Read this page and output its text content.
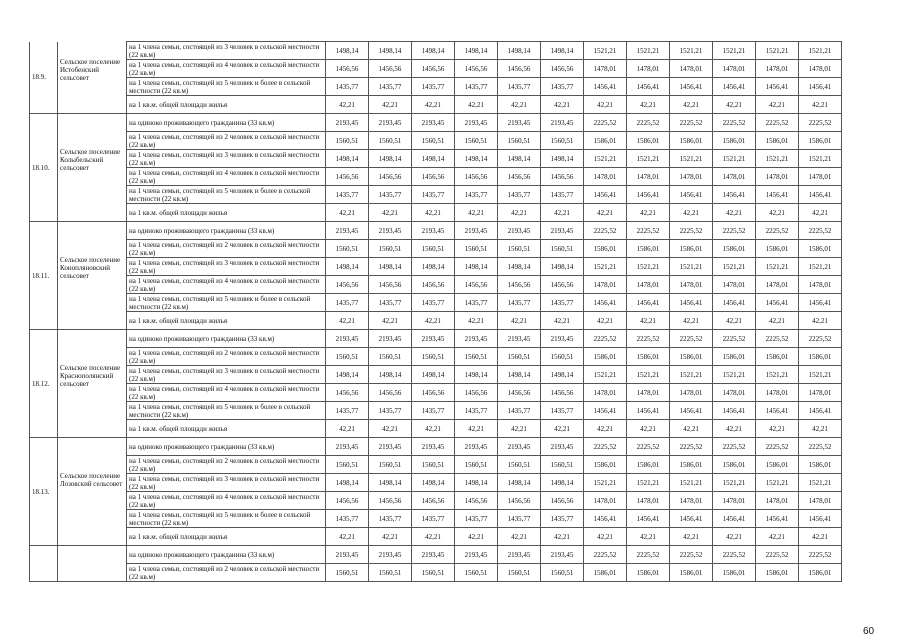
18.9.	Сельское поселение Истобенский сельсовет	на 1 члена семьи, состоящей из 3 человек в сельской местности (22 кв.м)	1498,14	1498,14	1498,14	1498,14	1498,14	1498,14	1521,21	1521,21	1521,21	1521,21	1521,21	1521,21
		на 1 члена семьи, состоящей из 4 человек в сельской местности (22 кв.м)	1456,56	1456,56	1456,56	1456,56	1456,56	1456,56	1478,01	1478,01	1478,01	1478,01	1478,01	1478,01
		на 1 члена семьи, состоящей из 5 человек и более в сельской местности (22 кв.м)	1435,77	1435,77	1435,77	1435,77	1435,77	1435,77	1456,41	1456,41	1456,41	1456,41	1456,41	1456,41
		на 1 кв.м. общей площади жилья	42,21	42,21	42,21	42,21	42,21	42,21	42,21	42,21	42,21	42,21	42,21	42,21
18.10.	Сельское поселение Колыбельский сельсовет	на одиноко проживающего гражданина (33 кв.м)	2193,45	2193,45	2193,45	2193,45	2193,45	2193,45	2225,52	2225,52	2225,52	2225,52	2225,52	2225,52
		на 1 члена семьи, состоящей из 2 человек в сельской местности (22 кв.м)	1560,51	1560,51	1560,51	1560,51	1560,51	1560,51	1586,01	1586,01	1586,01	1586,01	1586,01	1586,01
		на 1 члена семьи, состоящей из 3 человек в сельской местности (22 кв.м)	1498,14	1498,14	1498,14	1498,14	1498,14	1498,14	1521,21	1521,21	1521,21	1521,21	1521,21	1521,21
		на 1 члена семьи, состоящей из 4 человек в сельской местности (22 кв.м)	1456,56	1456,56	1456,56	1456,56	1456,56	1456,56	1478,01	1478,01	1478,01	1478,01	1478,01	1478,01
		на 1 члена семьи, состоящей из 5 человек и более в сельской местности (22 кв.м)	1435,77	1435,77	1435,77	1435,77	1435,77	1435,77	1456,41	1456,41	1456,41	1456,41	1456,41	1456,41
		на 1 кв.м. общей площади жилья	42,21	42,21	42,21	42,21	42,21	42,21	42,21	42,21	42,21	42,21	42,21	42,21
18.11.	Сельское поселение Конопляновский сельсовет	на одиноко проживающего гражданина (33 кв.м)	2193,45	2193,45	2193,45	2193,45	2193,45	2193,45	2225,52	2225,52	2225,52	2225,52	2225,52	2225,52
		на 1 члена семьи, состоящей из 2 человек в сельской местности (22 кв.м)	1560,51	1560,51	1560,51	1560,51	1560,51	1560,51	1586,01	1586,01	1586,01	1586,01	1586,01	1586,01
		на 1 члена семьи, состоящей из 3 человек в сельской местности (22 кв.м)	1498,14	1498,14	1498,14	1498,14	1498,14	1498,14	1521,21	1521,21	1521,21	1521,21	1521,21	1521,21
		на 1 члена семьи, состоящей из 4 человек в сельской местности (22 кв.м)	1456,56	1456,56	1456,56	1456,56	1456,56	1456,56	1478,01	1478,01	1478,01	1478,01	1478,01	1478,01
		на 1 члена семьи, состоящей из 5 человек и более в сельской местности (22 кв.м)	1435,77	1435,77	1435,77	1435,77	1435,77	1435,77	1456,41	1456,41	1456,41	1456,41	1456,41	1456,41
		на 1 кв.м. общей площади жилья	42,21	42,21	42,21	42,21	42,21	42,21	42,21	42,21	42,21	42,21	42,21	42,21
18.12.	Сельское поселение Краснополянский сельсовет	на одиноко проживающего гражданина (33 кв.м)	2193,45	2193,45	2193,45	2193,45	2193,45	2193,45	2225,52	2225,52	2225,52	2225,52	2225,52	2225,52
		на 1 члена семьи, состоящей из 2 человек в сельской местности (22 кв.м)	1560,51	1560,51	1560,51	1560,51	1560,51	1560,51	1586,01	1586,01	1586,01	1586,01	1586,01	1586,01
		на 1 члена семьи, состоящей из 3 человек в сельской местности (22 кв.м)	1498,14	1498,14	1498,14	1498,14	1498,14	1498,14	1521,21	1521,21	1521,21	1521,21	1521,21	1521,21
		на 1 члена семьи, состоящей из 4 человек в сельской местности (22 кв.м)	1456,56	1456,56	1456,56	1456,56	1456,56	1456,56	1478,01	1478,01	1478,01	1478,01	1478,01	1478,01
		на 1 члена семьи, состоящей из 5 человек и более в сельской местности (22 кв.м)	1435,77	1435,77	1435,77	1435,77	1435,77	1435,77	1456,41	1456,41	1456,41	1456,41	1456,41	1456,41
		на 1 кв.м. общей площади жилья	42,21	42,21	42,21	42,21	42,21	42,21	42,21	42,21	42,21	42,21	42,21	42,21
18.13.	Сельское поселение Лозовский сельсовет	на одиноко проживающего гражданина (33 кв.м)	2193,45	2193,45	2193,45	2193,45	2193,45	2193,45	2225,52	2225,52	2225,52	2225,52	2225,52	2225,52
		на 1 члена семьи, состоящей из 2 человек в сельской местности (22 кв.м)	1560,51	1560,51	1560,51	1560,51	1560,51	1560,51	1586,01	1586,01	1586,01	1586,01	1586,01	1586,01
		на 1 члена семьи, состоящей из 3 человек в сельской местности (22 кв.м)	1498,14	1498,14	1498,14	1498,14	1498,14	1498,14	1521,21	1521,21	1521,21	1521,21	1521,21	1521,21
		на 1 члена семьи, состоящей из 4 человек в сельской местности (22 кв.м)	1456,56	1456,56	1456,56	1456,56	1456,56	1456,56	1478,01	1478,01	1478,01	1478,01	1478,01	1478,01
		на 1 члена семьи, состоящей из 5 человек и более в сельской местности (22 кв.м)	1435,77	1435,77	1435,77	1435,77	1435,77	1435,77	1456,41	1456,41	1456,41	1456,41	1456,41	1456,41
		на 1 кв.м. общей площади жилья	42,21	42,21	42,21	42,21	42,21	42,21	42,21	42,21	42,21	42,21	42,21	42,21
		на одиноко проживающего гражданина (33 кв.м)	2193,45	2193,45	2193,45	2193,45	2193,45	2193,45	2225,52	2225,52	2225,52	2225,52	2225,52	2225,52
		на 1 члена семьи, состоящей из 2 человек в сельской местности (22 кв.м)	1560,51	1560,51	1560,51	1560,51	1560,51	1560,51	1586,01	1586,01	1586,01	1586,01	1586,01	1586,01
60
